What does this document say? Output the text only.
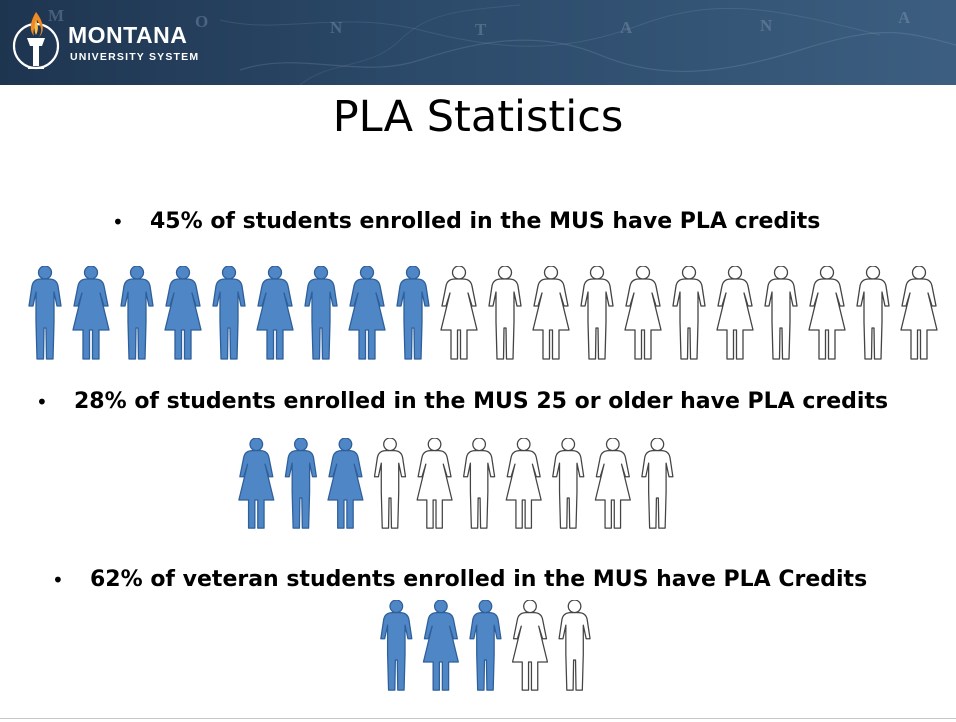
M	O	N	T	A	N	A
MONTANA
UNIVERSITY SYSTEM
PLA Statistics
• 45% of students enrolled in the MUS have PLA credits
• 28% of students enrolled in the MUS 25 or older have PLA credits
• 62% of veteran students enrolled in the MUS have PLA Credits
